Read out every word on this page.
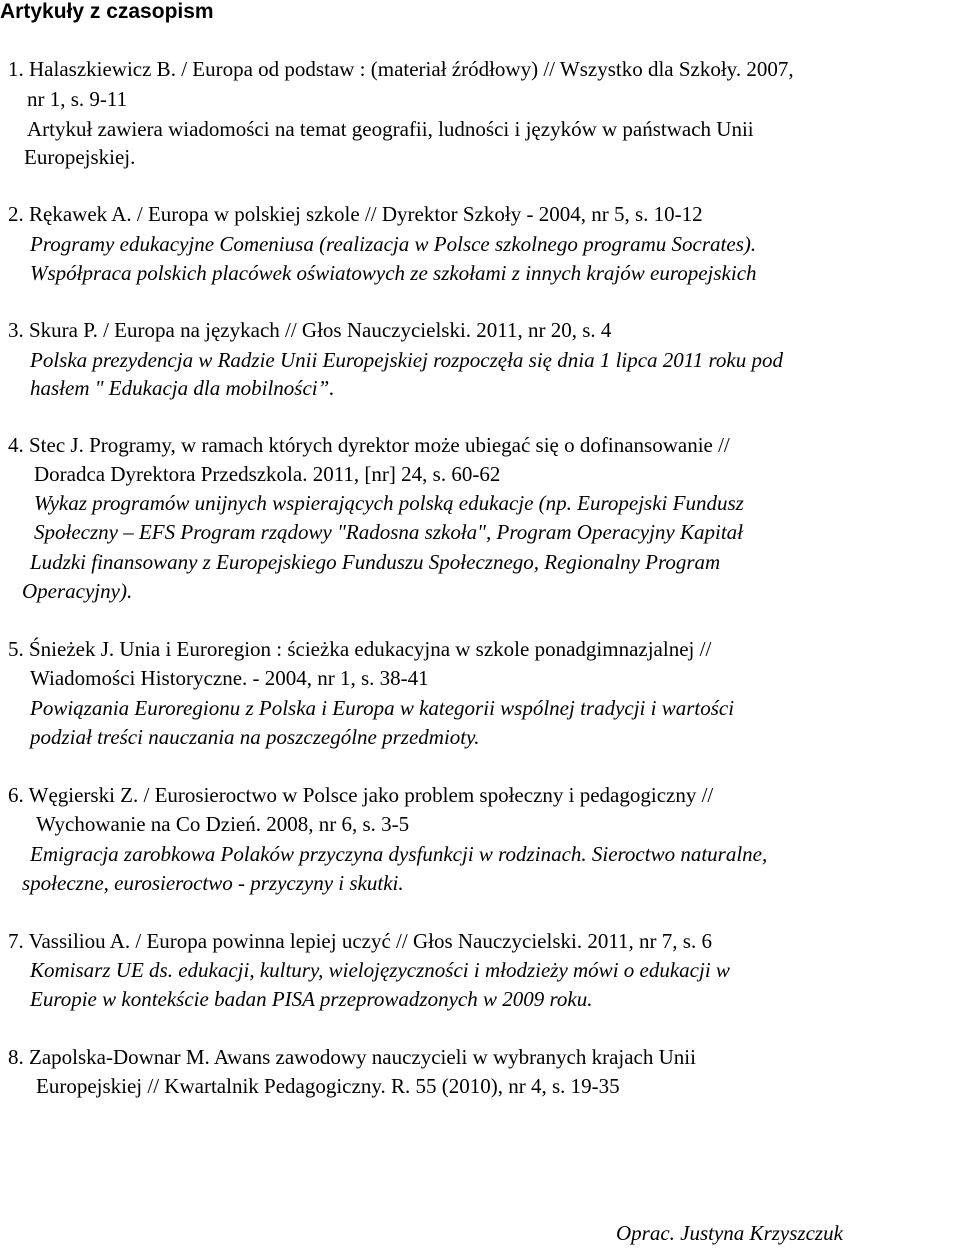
Artykuły z czasopism
1. Halaszkiewicz B. / Europa od podstaw : (materiał źródłowy) // Wszystko dla Szkoły. 2007,
nr 1, s. 9-11
Artykuł zawiera wiadomości na temat geografii, ludności i języków w państwach Unii
Europejskiej.
2. Rękawek A. / Europa w polskiej szkole // Dyrektor Szkoły - 2004, nr 5, s. 10-12
Programy edukacyjne Comeniusa (realizacja w Polsce szkolnego programu Socrates).
Współpraca polskich placówek oświatowych ze szkołami z innych krajów europejskich
3. Skura P. / Europa na językach // Głos Nauczycielski. 2011, nr 20, s. 4
Polska prezydencja w Radzie Unii Europejskiej rozpoczęła się dnia 1 lipca 2011 roku pod
hasłem " Edukacja dla mobilności”.
4. Stec J. Programy, w ramach których dyrektor może ubiegać się o dofinansowanie //
Doradca Dyrektora Przedszkola. 2011, [nr] 24, s. 60-62
Wykaz programów unijnych wspierających polską edukacje (np. Europejski Fundusz
Społeczny – EFS Program rządowy "Radosna szkoła", Program Operacyjny Kapitał
Ludzki finansowany z Europejskiego Funduszu Społecznego, Regionalny Program
Operacyjny).
5. Śnieżek J. Unia i Euroregion : ścieżka edukacyjna w szkole ponadgimnazjalnej //
Wiadomości Historyczne. - 2004, nr 1, s. 38-41
Powiązania Euroregionu z Polska i Europa w kategorii wspólnej tradycji i wartości
podział treści nauczania na poszczególne przedmioty.
6. Węgierski Z. / Eurosieroctwo w Polsce jako problem społeczny i pedagogiczny //
Wychowanie na Co Dzień. 2008, nr 6, s. 3-5
Emigracja zarobkowa Polaków przyczyna dysfunkcji w rodzinach. Sieroctwo naturalne,
społeczne, eurosieroctwo - przyczyny i skutki.
7. Vassiliou A. / Europa powinna lepiej uczyć // Głos Nauczycielski. 2011, nr 7, s. 6
Komisarz UE ds. edukacji, kultury, wielojęzyczności i młodzieży mówi o edukacji w
Europie w kontekście badan PISA przeprowadzonych w 2009 roku.
8. Zapolska-Downar M. Awans zawodowy nauczycieli w wybranych krajach Unii
Europejskiej // Kwartalnik Pedagogiczny. R. 55 (2010), nr 4, s. 19-35
Oprac. Justyna Krzyszczuk
